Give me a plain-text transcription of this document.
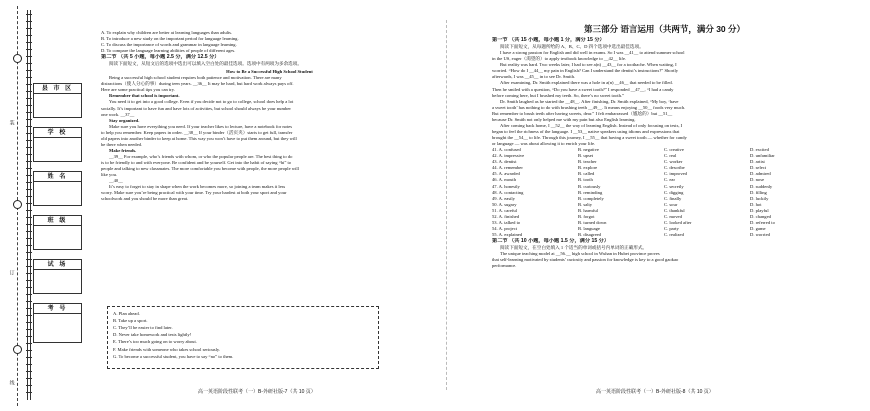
装
订
线
县 市 区
学 校
姓 名
班 级
试 场
考 号
A. To explain why children are better at learning languages than adults.
B. To introduce a new study on the important period for language learning.
C. To discuss the importance of words and grammar in language learning.
D. To compare the language learning abilities of people of different ages.
第二节 （共 5 小题，每小题 2.5 分，满分 12.5 分）
阅读下面短文，从短文后的选项中选出可以填入空白处的最佳选项。选项中有两项为多余选项。
How to Be a Successful High School Student
Being a successful high school student requires both patience and motivation. There are many
distractions（使人分心的事）during teen years. __36__ It may be hard, but hard work always pays off.
Here are some practical tips you can try.
Remember that school is important.
You need it to get into a good college. Even if you decide not to go to college, school does help a lot
socially. It’s important to have fun and have lots of activities, but school should always be your number
one work. __37__
Stay organized.
Make sure you have everything you need. If your teacher likes to lecture, have a notebook for notes
to help you remember. Keep papers in order. __38__ If your binder（活页夹）starts to get full, transfer
old papers into another binder to keep at home. This way you won’t have to put them around, but they will
be there when needed.
Make friends.
__39__ For example, who’s friends with whom, or who the popular people are. The best thing to do
is to be friendly to and with everyone. Be confident and be yourself. Get into the habit of saying “hi” to
people and talking to new classmates. The more comfortable you become with people, the more people will
like you.
__40__
It’s easy to forget to stay in shape when the work becomes more, so joining a team makes it less
worry. Make sure you’re being practical with your time. Try your hardest at both your sport and your
schoolwork and you should be more than great.
A. Plan ahead.
B. Take up a sport.
C. They’ll be easier to find later.
D. Never take homework and tests lightly!
E. There’s too much going on to worry about.
F. Make friends with someone who takes school seriously.
G. To become a successful student, you have to say “no” to them.
高一英语阶段性联考（一）B-外研社版-7（共 10 页）
第三部分 语言运用（共两节，满分 30 分）
第一节 （共 15 小题，每小题 1 分，满分 15 分）
阅读下面短文，从每题所给的 A、B、C、D 四个选项中选出最佳选项。
I have a strong passion for English and did well in exams. So I was __41__ to attend summer school
in the US, eager（渴望的）to apply textbook knowledge to __42__ life.
But reality was hard. Two weeks later, I had to see a(n) __43__ for a toothache. When waiting, I
worried. “How do I __44__ my pain in English? Can I understand the dentist’s instructions?” Shortly
afterwards, I was __45__ in to see Dr. Smith.
After examining, Dr. Smith explained there was a hole in a(n) __46__ that needed to be filled.
Then he smiled with a question, “Do you have a sweet tooth?” I responded __47__, “I had a candy
before coming here, but I brushed my teeth. So, there’s no sweet tooth.”
Dr. Smith laughed as he started the __48__. After finishing, Dr. Smith explained, “My boy, ‘have
a sweet tooth’ has nothing to do with brushing teeth __49__. It means enjoying __50__ foods very much.
But remember to brush teeth after having sweets, dear.” I felt embarrassed（尴尬的）but __51__
because Dr. Smith not only helped me with my pain but also English learning.
After coming back home, I __52__ the way of learning English. Instead of only focusing on tests, I
began to feel the richness of the language. I __53__ native speakers using idioms and expressions that
brought the __54__ to life. Through this journey, I __55__ that having a sweet tooth — whether for candy
or language — was about allowing it to enrich your life.
41. A. confused	B. negative	C. creative	D. excited
42. A. impressive	B. upset	C. real	D. unfamiliar
43. A. dentist	B. teacher	C. worker	D. artist
44. A. remember	B. explore	C. describe	D. select
45. A. awarded	B. called	C. improved	D. admired
46. A. mouth	B. tooth	C. ear	D. nose
47. A. honestly	B. curiously	C. secretly	D. suddenly
48. A. contacting	B. reminding	C. digging	D. filling
49. A. easily	B. completely	C. finally	D. luckily
50. A. sugary	B. salty	C. sour	D. hot
51. A. careful	B. harmful	C. thankful	D. playful
52. A. finished	B. forgot	C. moved	D. changed
53. A. talked to	B. turned down	C. looked after	D. referred to
54. A. project	B. language	C. party	D. game
55. A. explained	B. disagreed	C. realized	D. worried
第二节 （共 10 小题，每小题 1.5 分，满分 15 分）
阅读下面短文，在空白处填入 1 个适当的单词或括号内单词的正确形式。
The unique teaching model at __56.__ high school in Wuhan in Hubei province proves
that self-learning motivated by students’ curiosity and passion for knowledge is key to a good gaokao
performance.
高一英语阶段性联考（一）B-外研社版-8（共 10 页）
